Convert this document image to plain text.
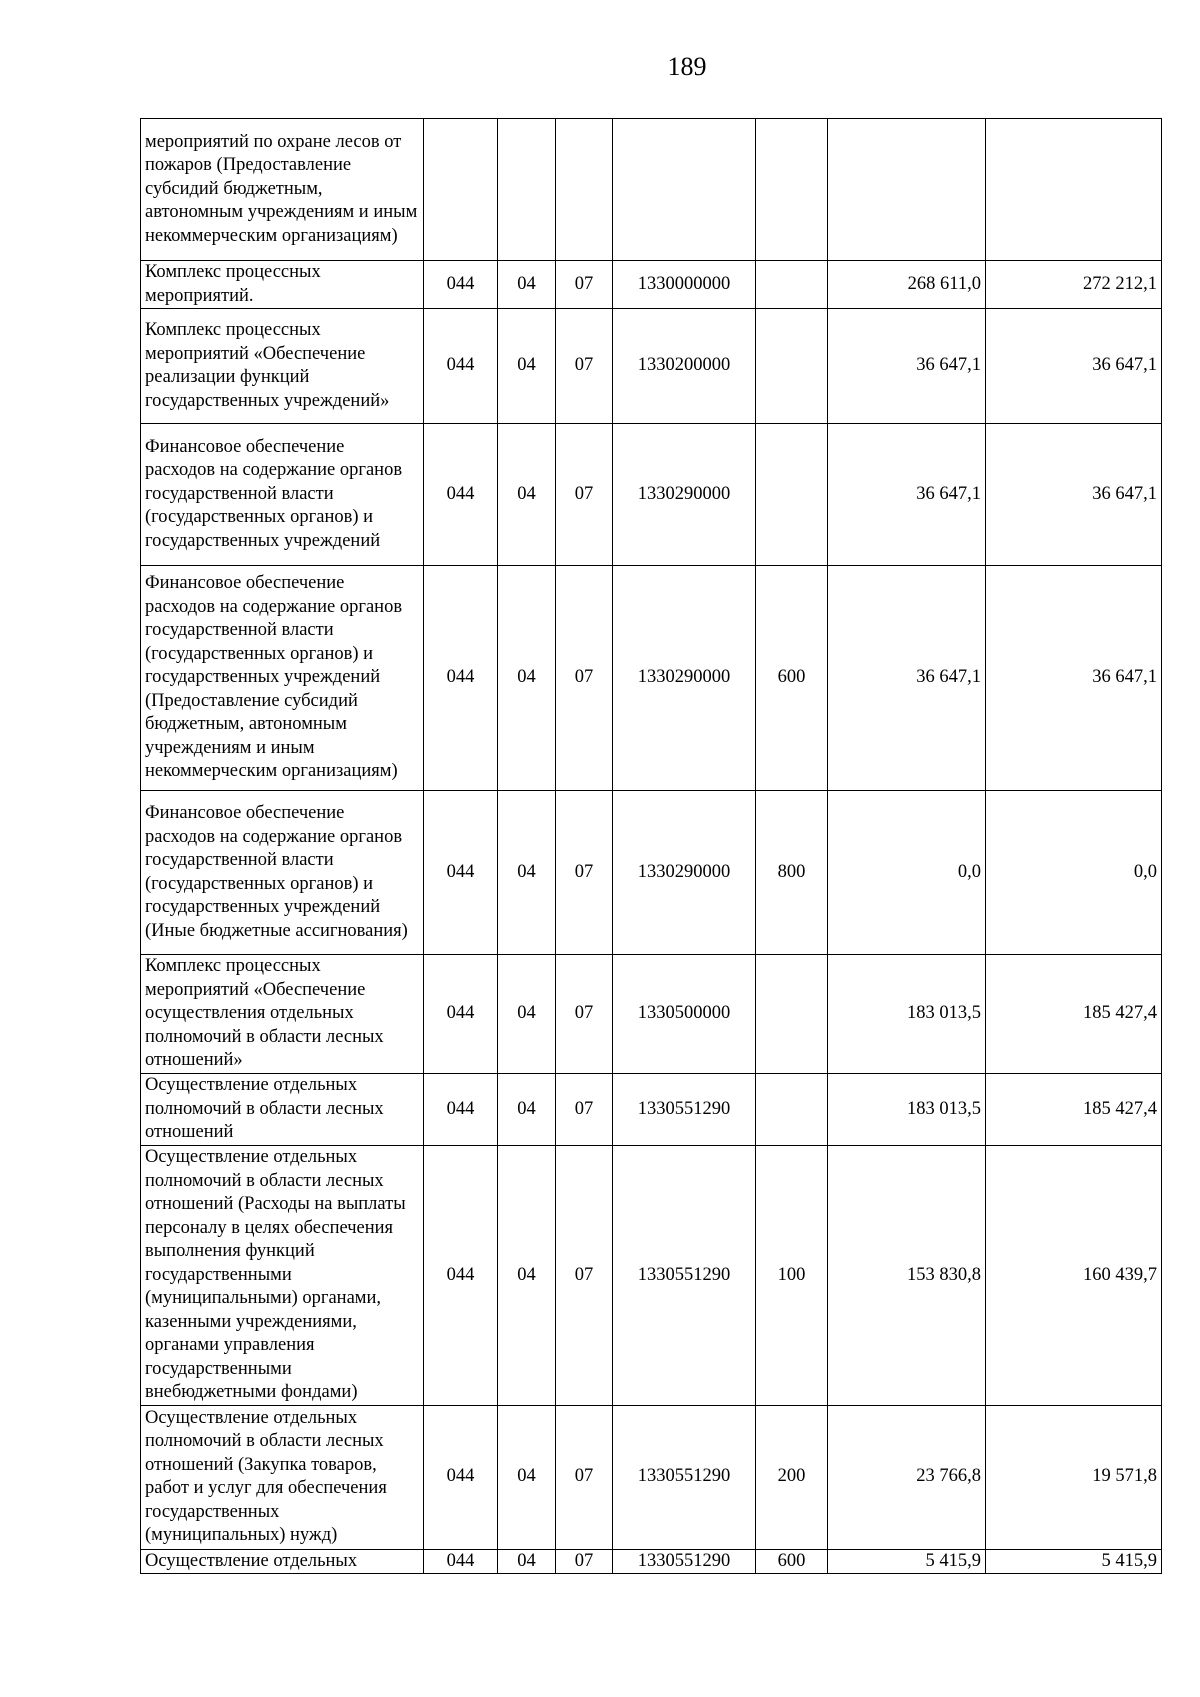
189
мероприятий по охране лесов от пожаров (Предоставление субсидий бюджетным, автономным учреждениям и иным некоммерческим организациям)							
Комплекс процессных мероприятий.	044	04	07	1330000000		268 611,0	272 212,1
Комплекс процессных мероприятий «Обеспечение реализации функций государственных учреждений»	044	04	07	1330200000		36 647,1	36 647,1
Финансовое обеспечение расходов на содержание органов государственной власти (государственных органов) и государственных учреждений	044	04	07	1330290000		36 647,1	36 647,1
Финансовое обеспечение расходов на содержание органов государственной власти (государственных органов) и государственных учреждений (Предоставление субсидий бюджетным, автономным учреждениям и иным некоммерческим организациям)	044	04	07	1330290000	600	36 647,1	36 647,1
Финансовое обеспечение расходов на содержание органов государственной власти (государственных органов) и государственных учреждений (Иные бюджетные ассигнования)	044	04	07	1330290000	800	0,0	0,0
Комплекс процессных мероприятий «Обеспечение осуществления отдельных полномочий в области лесных отношений»	044	04	07	1330500000		183 013,5	185 427,4
Осуществление отдельных полномочий в области лесных отношений	044	04	07	1330551290		183 013,5	185 427,4
Осуществление отдельных полномочий в области лесных отношений (Расходы на выплаты персоналу в целях обеспечения выполнения функций государственными (муниципальными) органами, казенными учреждениями, органами управления государственными внебюджетными фондами)	044	04	07	1330551290	100	153 830,8	160 439,7
Осуществление отдельных полномочий в области лесных отношений (Закупка товаров, работ и услуг для обеспечения государственных (муниципальных) нужд)	044	04	07	1330551290	200	23 766,8	19 571,8
Осуществление отдельных	044	04	07	1330551290	600	5 415,9	5 415,9
